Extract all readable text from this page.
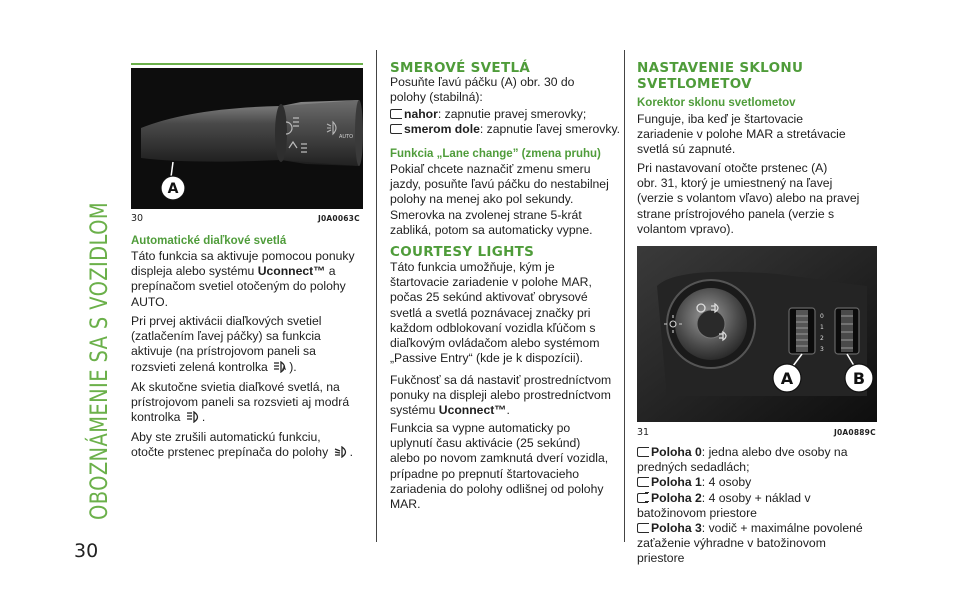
OBOZNÁMENIE SA S VOZIDLOM
30
AUTO
A
30	J0A0063C
Automatické diaľkové svetlá
Táto funkcia sa aktivuje pomocou ponuky
displeja alebo systému Uconnect™ a
prepínačom svetiel otočeným do polohy
AUTO.
Pri prvej aktivácii diaľkových svetiel
(zatlačením ľavej páčky) sa funkcia
aktivuje (na prístrojovom paneli sa
rozsvieti zelená kontrolka A ).
Ak skutočne svietia diaľkové svetlá, na
prístrojovom paneli sa rozsvieti aj modrá
kontrolka .
Aby ste zrušili automatickú funkciu,
otočte prstenec prepínača do polohy .
SMEROVÉ SVETLÁ
Posuňte ľavú páčku (A) obr. 30 do
polohy (stabilná):
nahor: zapnutie pravej smerovky;
smerom dole: zapnutie ľavej smerovky.
Funkcia „Lane change” (zmena pruhu)
Pokiaľ chcete naznačiť zmenu smeru
jazdy, posuňte ľavú páčku do nestabilnej
polohy na menej ako pol sekundy.
Smerovka na zvolenej strane 5-krát
zabliká, potom sa automaticky vypne.
COURTESY LIGHTS
Táto funkcia umožňuje, kým je
štartovacie zariadenie v polohe MAR,
počas 25 sekúnd aktivovať obrysové
svetlá a svetlá poznávacej značky pri
každom odblokovaní vozidla kľúčom s
diaľkovým ovládačom alebo systémom
„Passive Entry“ (kde je k dispozícii).
Fukčnosť sa dá nastaviť prostredníctvom
ponuky na displeji alebo prostredníctvom
systému Uconnect™.
Funkcia sa vypne automaticky po
uplynutí času aktivácie (25 sekúnd)
alebo po novom zamknutá dverí vozidla,
prípadne po prepnutí štartovacieho
zariadenia do polohy odlišnej od polohy
MAR.
NASTAVENIE SKLONU
SVETLOMETOV
Korektor sklonu svetlometov
Funguje, iba keď je štartovacie
zariadenie v polohe MAR a stretávacie
svetlá sú zapnuté.
Pri nastavovaní otočte prstenec (A)
obr. 31, ktorý je umiestnený na ľavej
(verzie s volantom vľavo) alebo na pravej
strane prístrojového panela (verzie s
volantom vpravo).
0
1
2
3
A	B
31	J0A0889C
Poloha 0: jedna alebo dve osoby na
predných sedadlách;
Poloha 1: 4 osoby
Poloha 2: 4 osoby + náklad v
batožinovom priestore
Poloha 3: vodič + maximálne povolené
zaťaženie výhradne v batožinovom
priestore
